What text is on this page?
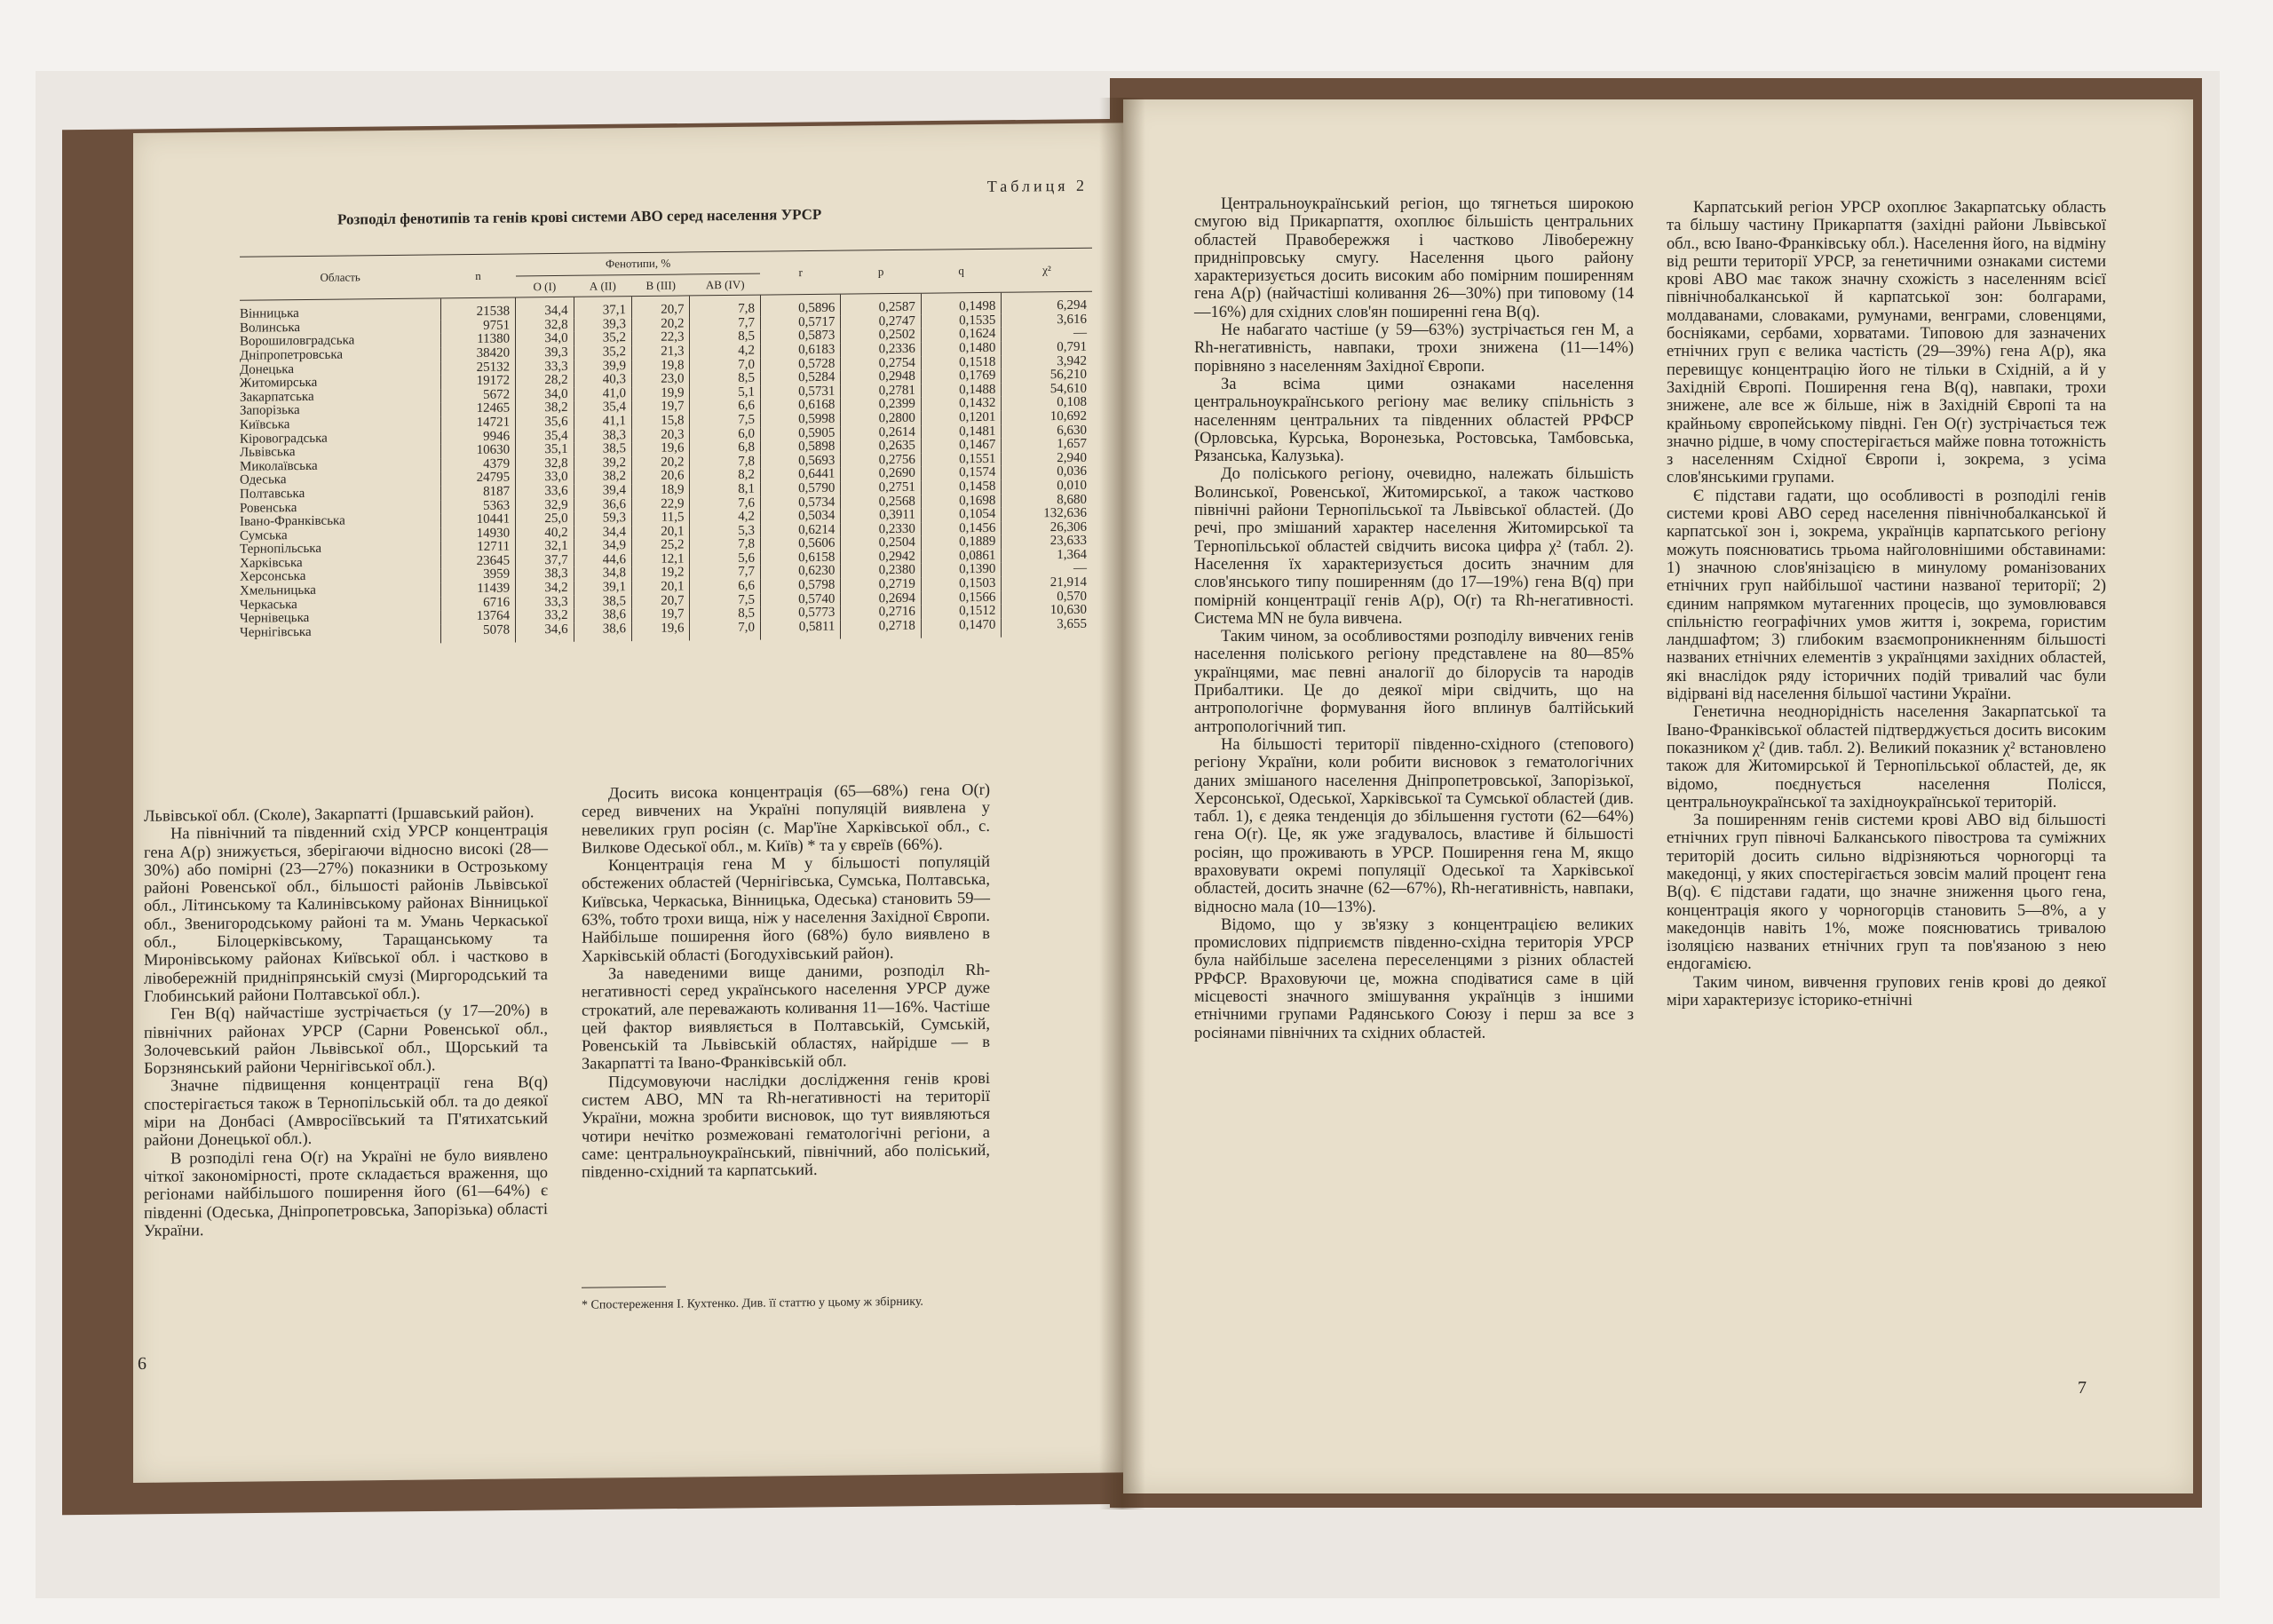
Таблиця 2
Розподіл фенотипів та генів крові системи АВО серед населення УРСР
Область	n	Фенотипи, %				r	p	q	χ²
		О (І)	А (ІІ)	В (ІІІ)	АВ (ІV)				
Вінницька	21538	34,4	37,1	20,7	7,8	0,5896	0,2587	0,1498	6,294
Волинська	9751	32,8	39,3	20,2	7,7	0,5717	0,2747	0,1535	3,616
Ворошиловградська	11380	34,0	35,2	22,3	8,5	0,5873	0,2502	0,1624	—
Дніпропетровська	38420	39,3	35,2	21,3	4,2	0,6183	0,2336	0,1480	0,791
Донецька	25132	33,3	39,9	19,8	7,0	0,5728	0,2754	0,1518	3,942
Житомирська	19172	28,2	40,3	23,0	8,5	0,5284	0,2948	0,1769	56,210
Закарпатська	5672	34,0	41,0	19,9	5,1	0,5731	0,2781	0,1488	54,610
Запорізька	12465	38,2	35,4	19,7	6,6	0,6168	0,2399	0,1432	0,108
Київська	14721	35,6	41,1	15,8	7,5	0,5998	0,2800	0,1201	10,692
Кіровоградська	9946	35,4	38,3	20,3	6,0	0,5905	0,2614	0,1481	6,630
Львівська	10630	35,1	38,5	19,6	6,8	0,5898	0,2635	0,1467	1,657
Миколаївська	4379	32,8	39,2	20,2	7,8	0,5693	0,2756	0,1551	2,940
Одеська	24795	33,0	38,2	20,6	8,2	0,6441	0,2690	0,1574	0,036
Полтавська	8187	33,6	39,4	18,9	8,1	0,5790	0,2751	0,1458	0,010
Ровенська	5363	32,9	36,6	22,9	7,6	0,5734	0,2568	0,1698	8,680
Івано-Франківська	10441	25,0	59,3	11,5	4,2	0,5034	0,3911	0,1054	132,636
Сумська	14930	40,2	34,4	20,1	5,3	0,6214	0,2330	0,1456	26,306
Тернопільська	12711	32,1	34,9	25,2	7,8	0,5606	0,2504	0,1889	23,633
Харківська	23645	37,7	44,6	12,1	5,6	0,6158	0,2942	0,0861	1,364
Херсонська	3959	38,3	34,8	19,2	7,7	0,6230	0,2380	0,1390	—
Хмельницька	11439	34,2	39,1	20,1	6,6	0,5798	0,2719	0,1503	21,914
Черкаська	6716	33,3	38,5	20,7	7,5	0,5740	0,2694	0,1566	0,570
Чернівецька	13764	33,2	38,6	19,7	8,5	0,5773	0,2716	0,1512	10,630
Чернігівська	5078	34,6	38,6	19,6	7,0	0,5811	0,2718	0,1470	3,655

Львівської обл. (Сколе), Закарпатті (Іршавський район).

На північний та південний схід УРСР концентрація гена А(р) знижується, зберігаючи відносно високі (28—30%) або помірні (23—27%) показники в Острозькому районі Ровенської обл., більшості районів Львівської обл., Літинському та Калинівському районах Вінницької обл., Звенигородському районі та м. Умань Черкаської обл., Білоцерківському, Таращанському та Миронівському районах Київської обл. і частково в лівобережній придніпрянській смузі (Миргородський та Глобинський райони Полтавської обл.).

Ген В(q) найчастіше зустрічається (у 17—20%) в північних районах УРСР (Сарни Ровенської обл., Золочевський район Львівської обл., Щорський та Борзнянський райони Чернігівської обл.).

Значне підвищення концентрації гена В(q) спостерігається також в Тернопільській обл. та до деякої міри на Донбасі (Амвросіївський та П'ятихатський райони Донецької обл.).

В розподілі гена О(r) на Україні не було виявлено чіткої закономірності, проте складається враження, що регіонами найбільшого поширення його (61—64%) є південні (Одеська, Дніпропетровська, Запорізька) області України.

Досить висока концентрація (65—68%) гена О(r) серед вивчених на Україні популяцій виявлена у невеликих груп росіян (с. Мар'їне Харківської обл., с. Вилкове Одеської обл., м. Київ) * та у євреїв (66%).

Концентрація гена М у більшості популяцій обстежених областей (Чернігівська, Сумська, Полтавська, Київська, Черкаська, Вінницька, Одеська) становить 59—63%, тобто трохи вища, ніж у населення Західної Європи. Найбільше поширення його (68%) було виявлено в Харківській області (Богодухівський район).

За наведеними вище даними, розподіл Rh-негативності серед українського населення УРСР дуже строкатий, але переважають коливання 11—16%. Частіше цей фактор виявляється в Полтавській, Сумській, Ровенській та Львівській областях, найрідше — в Закарпатті та Івано-Франківській обл.

Підсумовуючи наслідки дослідження генів крові систем АВО, MN та Rh-негативності на території України, можна зробити висновок, що тут виявляються чотири нечітко розмежовані гематологічні регіони, а саме: центральноукраїнський, північний, або поліський, південно-східний та карпатський.

* Спостереження І. Кухтенко. Див. її статтю у цьому ж збірнику.
6

Центральноукраїнський регіон, що тягнеться широкою смугою від Прикарпаття, охоплює більшість центральних областей Правобережжя і частково Лівобережну придніпровську смугу. Населення цього району характеризується досить високим або помірним поширенням гена А(р) (найчастіші коливання 26—30%) при типовому (14—16%) для східних слов'ян поширенні гена В(q).

Не набагато частіше (у 59—63%) зустрічається ген М, а Rh-негативність, навпаки, трохи знижена (11—14%) порівняно з населенням Західної Європи.

За всіма цими ознаками населення центральноукраїнського регіону має велику спільність з населенням центральних та південних областей РРФСР (Орловська, Курська, Воронезька, Ростовська, Тамбовська, Рязанська, Калузька).

До поліського регіону, очевидно, належать більшість Волинської, Ровенської, Житомирської, а також частково північні райони Тернопільської та Львівської областей. (До речі, про змішаний характер населення Житомирської та Тернопільської областей свідчить висока цифра χ² (табл. 2). Населення їх характеризується досить значним для слов'янського типу поширенням (до 17—19%) гена В(q) при помірній концентрації генів А(р), О(r) та Rh-негативності. Система MN не була вивчена.

Таким чином, за особливостями розподілу вивчених генів населення поліського регіону представлене на 80—85% українцями, має певні аналогії до білорусів та народів Прибалтики. Це до деякої міри свідчить, що на антропологічне формування його вплинув балтійський антропологічний тип.

На більшості території південно-східного (степового) регіону України, коли робити висновок з гематологічних даних змішаного населення Дніпропетровської, Запорізької, Херсонської, Одеської, Харківської та Сумської областей (див. табл. 1), є деяка тенденція до збільшення густоти (62—64%) гена О(r). Це, як уже згадувалось, властиве й більшості росіян, що проживають в УРСР. Поширення гена М, якщо враховувати окремі популяції Одеської та Харківської областей, досить значне (62—67%), Rh-негативність, навпаки, відносно мала (10—13%).

Відомо, що у зв'язку з концентрацією великих промислових підприємств південно-східна територія УРСР була найбільше заселена переселенцями з різних областей РРФСР. Враховуючи це, можна сподіватися саме в цій місцевості значного змішування українців з іншими етнічними групами Радянського Союзу і перш за все з росіянами північних та східних областей.

Карпатський регіон УРСР охоплює Закарпатську область та більшу частину Прикарпаття (західні райони Львівської обл., всю Івано-Франківську обл.). Населення його, на відміну від решти території УРСР, за генетичними ознаками системи крові АВО має також значну схожість з населенням всієї північнобалканської й карпатської зон: болгарами, молдаванами, словаками, румунами, венграми, словенцями, боснiяками, сербами, хорватами. Типовою для зазначених етнічних груп є велика частість (29—39%) гена А(р), яка перевищує концентрацію його не тільки в Східній, а й у Західній Європі. Поширення гена В(q), навпаки, трохи знижене, але все ж більше, ніж в Західній Європі та на крайньому європейському півдні. Ген О(r) зустрічається теж значно рідше, в чому спостерігається майже повна тотожність з населенням Східної Європи і, зокрема, з усіма слов'янськими групами.

Є підстави гадати, що особливості в розподілі генів системи крові АВО серед населення північнобалканської й карпатської зон і, зокрема, українців карпатського регіону можуть пояснюватись трьома найголовнішими обставинами: 1) значною слов'янізацією в минулому романізованих етнічних груп найбільшої частини названої території; 2) єдиним напрямком мутагенних процесів, що зумовлювався спільністю географічних умов життя і, зокрема, гористим ландшафтом; 3) глибоким взаємопроникненням більшості названих етнічних елементів з українцями західних областей, які внаслідок ряду історичних подій тривалий час були відірвані від населення більшої частини України.

Генетична неоднорідність населення Закарпатської та Івано-Франківської областей підтверджується досить високим показником χ² (див. табл. 2). Великий показник χ² встановлено також для Житомирської й Тернопільської областей, де, як відомо, поєднується населення Полісся, центральноукраїнської та західноукраїнської територій.

За поширенням генів системи крові АВО від більшості етнічних груп півночі Балканського півострова та суміжних територій досить сильно відрізняються чорногорці та македонці, у яких спостерігається зовсім малий процент гена В(q). Є підстави гадати, що значне зниження цього гена, концентрація якого у чорногорців становить 5—8%, а у македонців навіть 1%, може пояснюватись тривалою ізоляцією названих етнічних груп та пов'язаною з нею ендогамією.

Таким чином, вивчення групових генів крові до деякої міри характеризує історико-етнічні

7
